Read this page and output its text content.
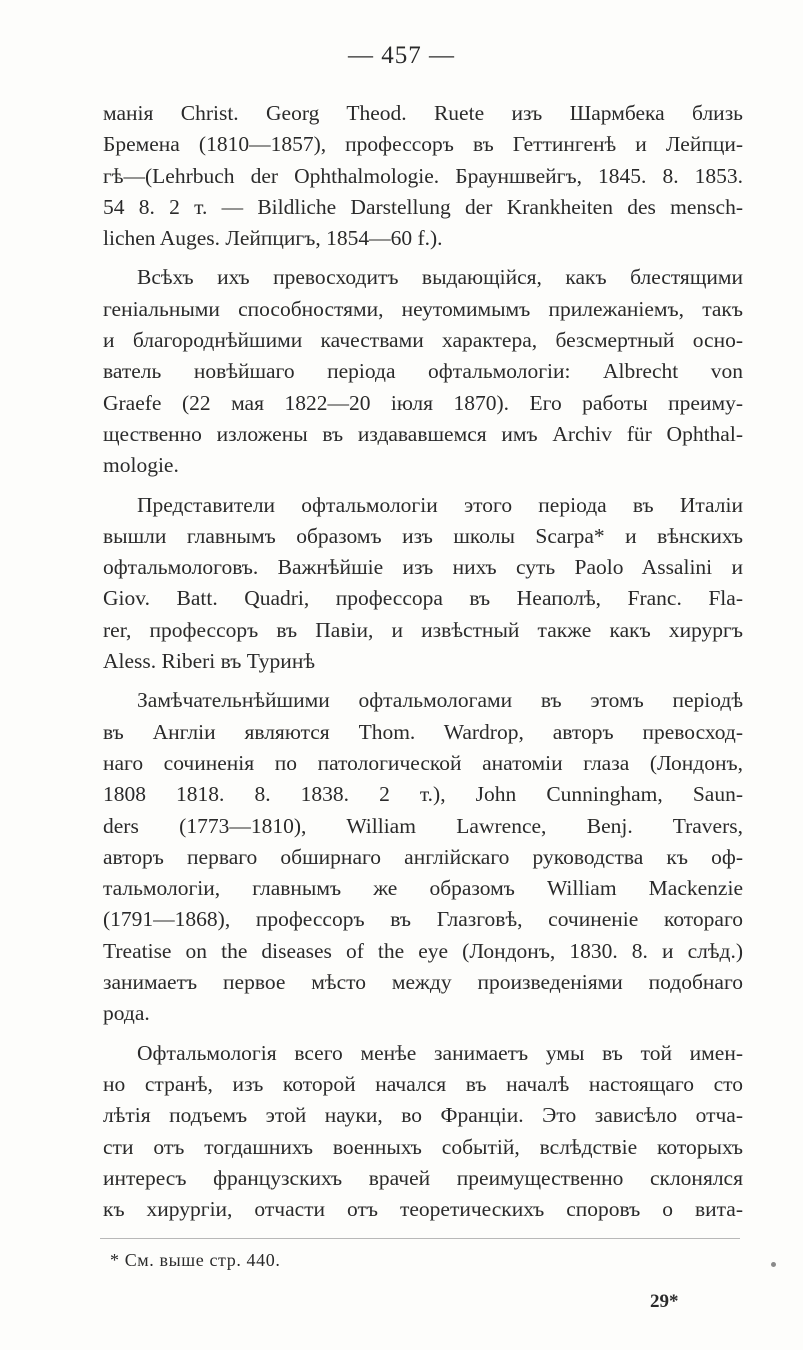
— 457 —

манія Christ. Georg Theod. Ruete изъ Шармбека близь
Бремена (1810—1857), профессоръ въ Геттингенѣ и Лейпци-
гѣ—(Lehrbuch der Ophthalmologie. Брауншвейгъ, 1845. 8. 1853.
54 8. 2 т. — Bildliche Darstellung der Krankheiten des mensch-
lichen Auges. Лейпцигъ, 1854—60 f.).

Всѣхъ ихъ превосходитъ выдающійся, какъ блестящими
геніальными способностями, неутомимымъ прилежаніемъ, такъ
и благороднѣйшими качествами характера, безсмертный осно-
ватель новѣйшаго періода офтальмологіи: Albrecht von
Graefe (22 мая 1822—20 іюля 1870). Его работы преиму-
щественно изложены въ издававшемся имъ Archiv für Ophthal-
mologie.

Представители офтальмологіи этого періода въ Италіи
вышли главнымъ образомъ изъ школы Scarpa* и вѣнскихъ
офтальмологовъ. Важнѣйшіе изъ нихъ суть Paolo Assalini и
Giov. Batt. Quadri, профессора въ Неаполѣ, Franc. Fla-
rer, профессоръ въ Павіи, и извѣстный также какъ хирургъ
Aless. Riberi въ Туринѣ

Замѣчательнѣйшими офтальмологами въ этомъ періодѣ
въ Англіи являются Thom. Wardrop, авторъ превосход-
наго сочиненія по патологической анатоміи глаза (Лондонъ,
1808 1818. 8. 1838. 2 т.), John Cunningham, Saun-
ders (1773—1810), William Lawrence, Benj. Travers,
авторъ перваго обширнаго англійскаго руководства къ оф-
тальмологіи, главнымъ же образомъ William Mackenzie
(1791—1868), профессоръ въ Глазговѣ, сочиненіе котораго
Treatise on the diseases of the eye (Лондонъ, 1830. 8. и слѣд.)
занимаетъ первое мѣсто между произведеніями подобнаго
рода.

Офтальмологія всего менѣе занимаетъ умы въ той имен-
но странѣ, изъ которой начался въ началѣ настоящаго сто
лѣтія подъемъ этой науки, во Франціи. Это зависѣло отча-
сти отъ тогдашнихъ военныхъ событій, вслѣдствіе которыхъ
интересъ французскихъ врачей преимущественно склонялся
къ хирургіи, отчасти отъ теоретическихъ споровъ о вита-

* См. выше стр. 440.
29*
